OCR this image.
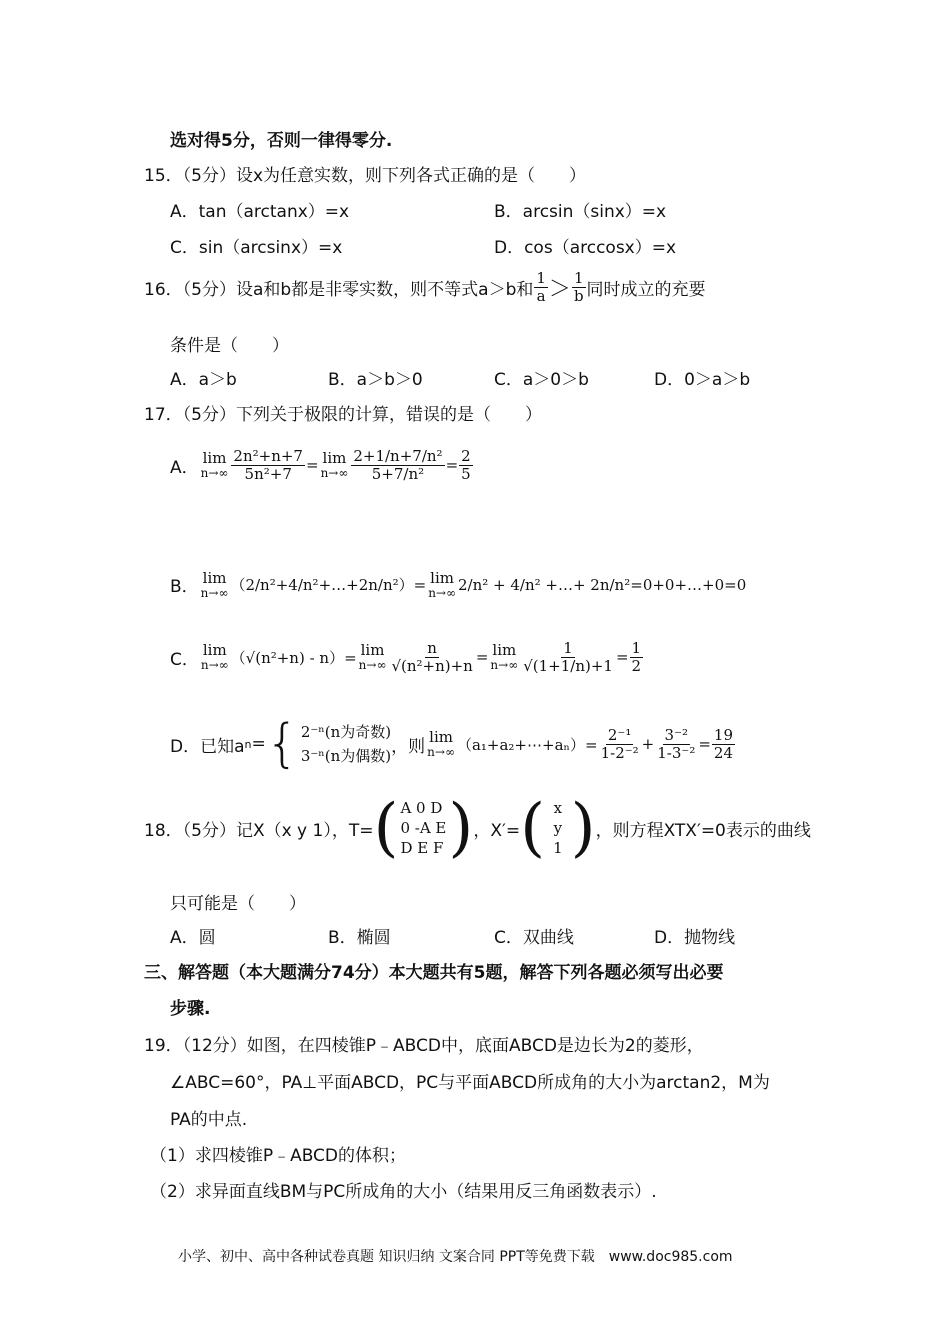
选对得5分，否则一律得零分.
15．（5分）设x为任意实数，则下列各式正确的是（　　）
A．tan（arctanx）=x	B．arcsin（sinx）=x
C．sin（arcsinx）=x	D．cos（arccosx）=x
16．（5分）设a和b都是非零实数，则不等式a＞b和 $\frac{1}{a} > \frac{1}{b}$ 同时成立的充要
条件是（　　）
A．a＞b	B．a＞b＞0	C．a＞0＞b	D．0＞a＞b
17．（5分）下列关于极限的计算，错误的是（　　）
A． lim
$n\to\infty \frac{\text{2n²+n+7}}{\text{5n²+7}} = \lim$
$n\to\infty \frac{\text{2+1/n+7/n²}}{\text{5+7/n²}} = \frac{2}{5}$
B． lim
n→∞ （2/n²+4/n²+…+2n/n²）= lim
n→∞ 2/n² + 4/n² +…+ 2n/n² =0+0+…+0=0
C． lim
n→∞ （√(n²+n) - n）= lim
$n\to\infty \frac{n}{\text{√(n²+n)+n}} = \lim$
$n\to\infty \frac{1}{√(1+1/n)+1} = \frac{1}{2}$
D．已知a n = { 2⁻ⁿ(n为奇数)
3⁻ⁿ(n为偶数) ，则 lim
n→∞ （a₁+a₂+⋯+aₙ）= $\frac{\text{2⁻¹}}{\text{1-2⁻²}} + \frac{\text{3⁻²}}{\text{1-3⁻²}} = \frac{19}{24}$
18．（5分）记X（x y 1），T= ( A 0 D
0 -A E
D E F ) ，X′= ( x
y
1 ) ，则方程XTX′=0表示的曲线
只可能是（　　）
A．圆	B．椭圆	C．双曲线	D．抛物线
三、解答题（本大题满分74分）本大题共有5题，解答下列各题必须写出必要
步骤.
19．（12分）如图，在四棱锥P﹣ABCD中，底面ABCD是边长为2的菱形，
∠ABC=60°，PA⊥平面ABCD，PC与平面ABCD所成角的大小为arctan2，M为
PA的中点.
（1）求四棱锥P﹣ABCD的体积；
（2）求异面直线BM与PC所成角的大小（结果用反三角函数表示）.
小学、初中、高中各种试卷真题 知识归纳 文案合同 PPT等免费下载　www.doc985.com
